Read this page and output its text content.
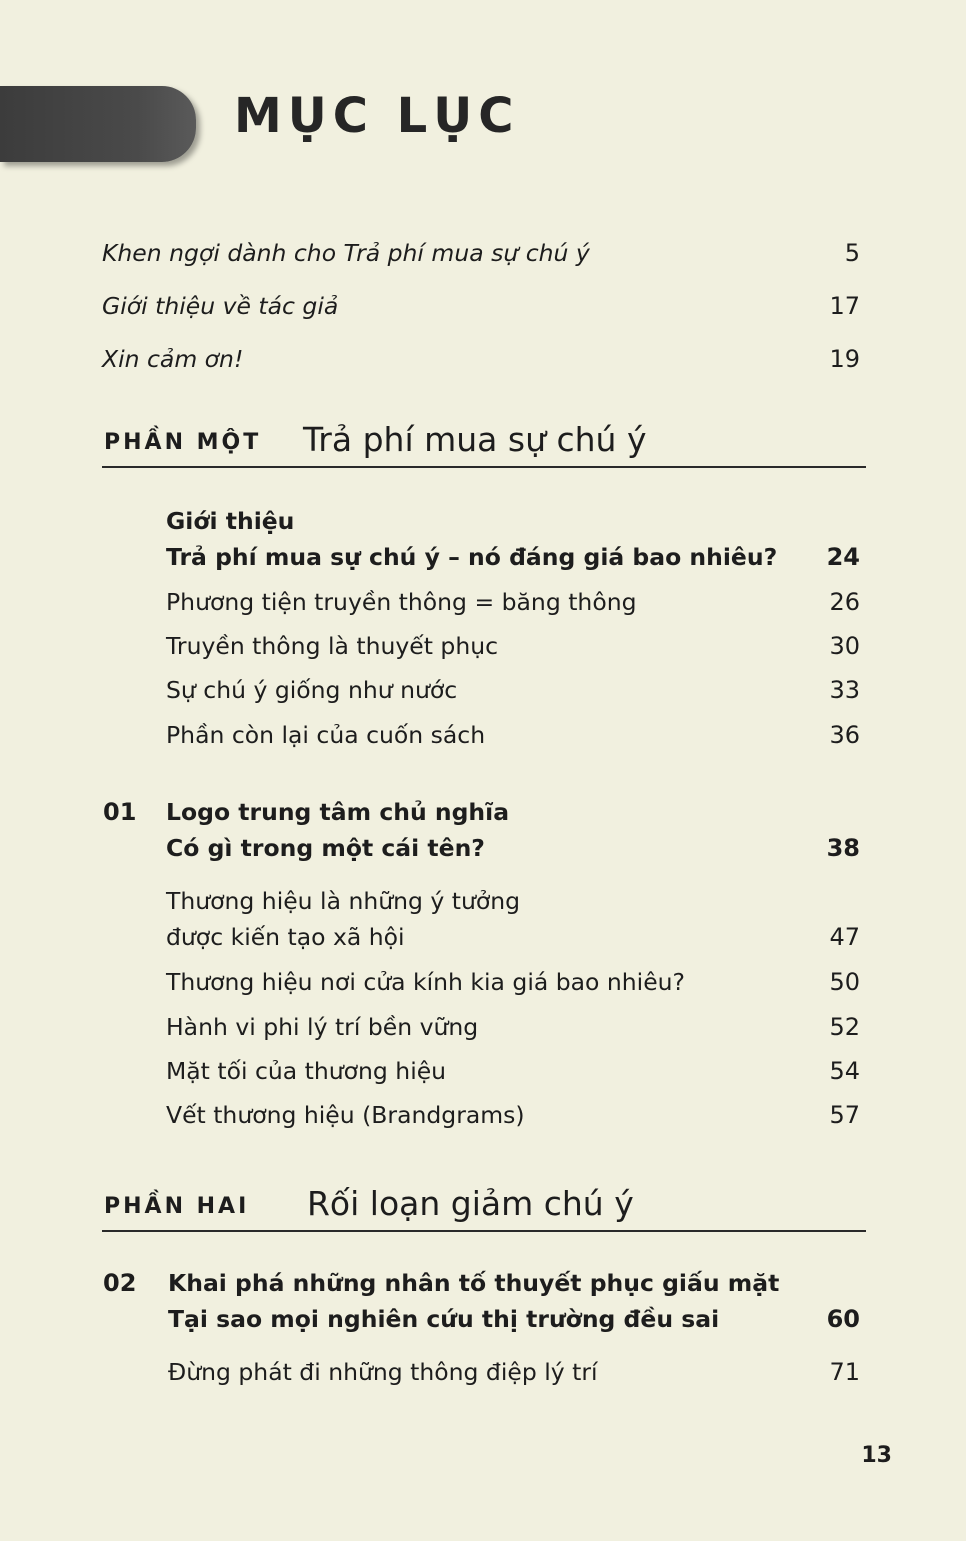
MỤC LỤC
Khen ngợi dành cho Trả phí mua sự chú ý	5
Giới thiệu về tác giả	17
Xin cảm ơn!	19
PHẦN MỘT Trả phí mua sự chú ý
Giới thiệu
Trả phí mua sự chú ý – nó đáng giá bao nhiêu? 24
Phương tiện truyền thông = băng thông	26
Truyền thông là thuyết phục	30
Sự chú ý giống như nước	33
Phần còn lại của cuốn sách	36
01 Logo trung tâm chủ nghĩa
Có gì trong một cái tên?	38
Thương hiệu là những ý tưởng
được kiến tạo xã hội	47
Thương hiệu nơi cửa kính kia giá bao nhiêu?	50
Hành vi phi lý trí bền vững	52
Mặt tối của thương hiệu	54
Vết thương hiệu (Brandgrams)	57
PHẦN HAI Rối loạn giảm chú ý
02 Khai phá những nhân tố thuyết phục giấu mặt
Tại sao mọi nghiên cứu thị trường đều sai	60
Đừng phát đi những thông điệp lý trí	71
13
